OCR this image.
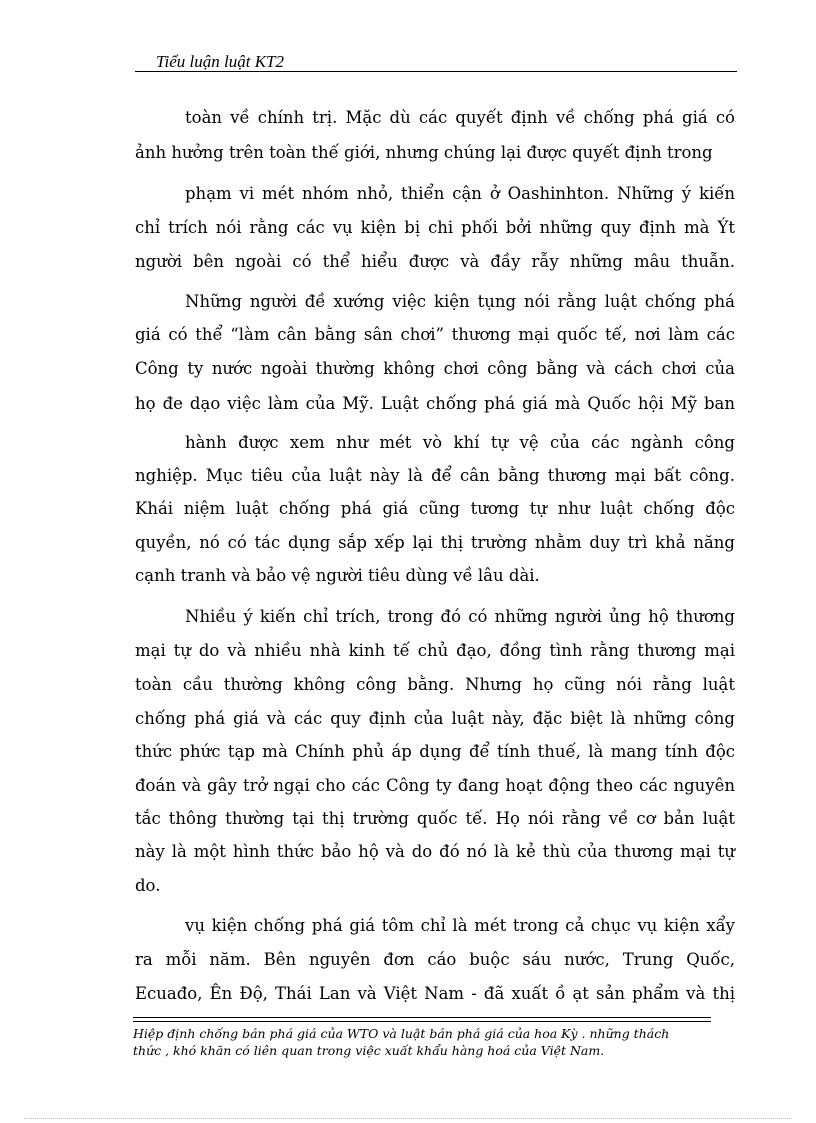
Tiểu luận luật KT2
toàn về chính trị. Mặc dù các quyết định về chống phá giá có
ảnh hưởng trên toàn thế giới, nhưng chúng lại được quyết định trong
phạm vi mét nhóm nhỏ, thiển cận ở Oashinhton. Những ý kiến
chỉ trích nói rằng các vụ kiện bị chi phối bởi những quy định mà Ýt
người bên ngoài có thể hiểu được và đầy rẫy những mâu thuẫn.
Những người đề xướng việc kiện tụng nói rằng luật chống phá
giá có thể “làm cân bằng sân chơi” thương mại quốc tế, nơi làm các
Công ty nước ngoài thường không chơi công bằng và cách chơi của
họ đe dạo việc làm của Mỹ. Luật chống phá giá mà Quốc hội Mỹ ban
hành được xem như mét vò khí tự vệ của các ngành công
nghiệp. Mục tiêu của luật này là để cân bằng thương mại bất công.
Khái niệm luật chống phá giá cũng tương tự như luật chống độc
quyền, nó có tác dụng sắp xếp lại thị trường nhằm duy trì khả năng
cạnh tranh và bảo vệ người tiêu dùng về lâu dài.
Nhiều ý kiến chỉ trích, trong đó có những người ủng hộ thương
mại tự do và nhiều nhà kinh tế chủ đạo, đồng tình rằng thương mại
toàn cầu thường không công bằng. Nhưng họ cũng nói rằng luật
chống phá giá và các quy định của luật này, đặc biệt là những công
thức phức tạp mà Chính phủ áp dụng để tính thuế, là mang tính độc
đoán và gây trở ngại cho các Công ty đang hoạt động theo các nguyên
tắc thông thường tại thị trường quốc tế. Họ nói rằng về cơ bản luật
này là một hình thức bảo hộ và do đó nó là kẻ thù của thương mại tự
do.
vụ kiện chống phá giá tôm chỉ là mét trong cả chục vụ kiện xẩy
ra mỗi năm. Bên nguyên đơn cáo buộc sáu nước, Trung Quốc,
Ecuađo, Ên Độ, Thái Lan và Việt Nam - đã xuất ồ ạt sản phẩm và thị
Hiệp định chống bán phá giá của WTO và luật bán phá giá của hoa Kỳ . những thách
thức , khó khăn có liên quan trong việc xuất khẩu hàng hoá của Việt Nam.
